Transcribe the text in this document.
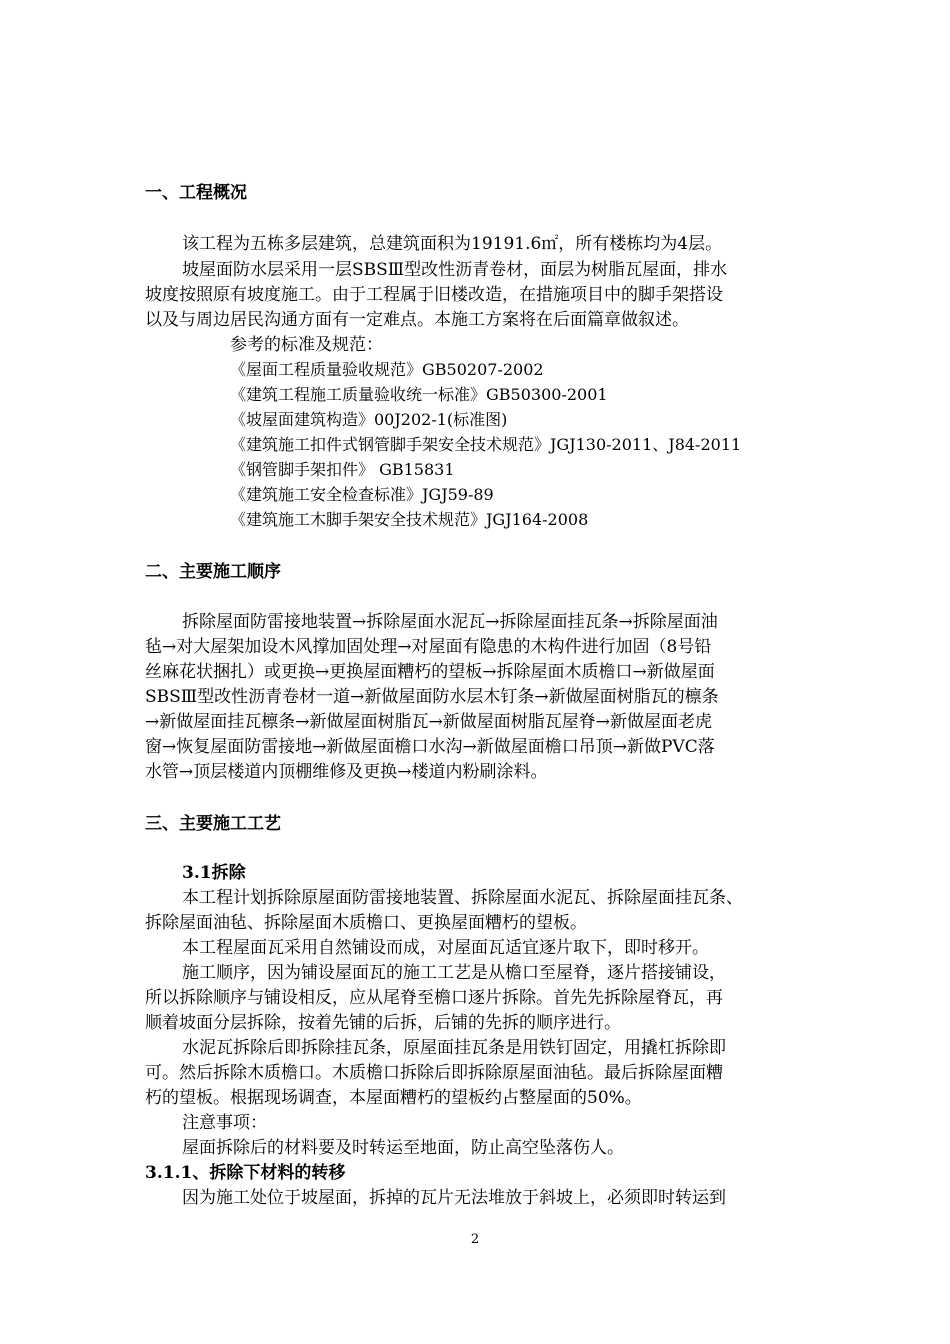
一、工程概况
该工程为五栋多层建筑，总建筑面积为19191.6㎡，所有楼栋均为4层。
坡屋面防水层采用一层SBSⅢ型改性沥青卷材，面层为树脂瓦屋面，排水
坡度按照原有坡度施工。由于工程属于旧楼改造，在措施项目中的脚手架搭设
以及与周边居民沟通方面有一定难点。本施工方案将在后面篇章做叙述。
参考的标准及规范：
《屋面工程质量验收规范》GB50207-2002
《建筑工程施工质量验收统一标准》GB50300-2001
《坡屋面建筑构造》00J202-1(标准图)
《建筑施工扣件式钢管脚手架安全技术规范》JGJ130-2011、J84-2011
《钢管脚手架扣件》 GB15831
《建筑施工安全检查标准》JGJ59-89
《建筑施工木脚手架安全技术规范》JGJ164-2008
二、主要施工顺序
拆除屋面防雷接地装置→拆除屋面水泥瓦→拆除屋面挂瓦条→拆除屋面油
毡→对大屋架加设木风撑加固处理→对屋面有隐患的木构件进行加固（8号铅
丝麻花状捆扎）或更换→更换屋面糟朽的望板→拆除屋面木质檐口→新做屋面
SBSⅢ型改性沥青卷材一道→新做屋面防水层木钉条→新做屋面树脂瓦的檩条
→新做屋面挂瓦檩条→新做屋面树脂瓦→新做屋面树脂瓦屋脊→新做屋面老虎
窗→恢复屋面防雷接地→新做屋面檐口水沟→新做屋面檐口吊顶→新做PVC落
水管→顶层楼道内顶棚维修及更换→楼道内粉刷涂料。
三、主要施工工艺
3.1拆除
本工程计划拆除原屋面防雷接地装置、拆除屋面水泥瓦、拆除屋面挂瓦条、
拆除屋面油毡、拆除屋面木质檐口、更换屋面糟朽的望板。
本工程屋面瓦采用自然铺设而成，对屋面瓦适宜逐片取下，即时移开。
施工顺序，因为铺设屋面瓦的施工工艺是从檐口至屋脊，逐片搭接铺设，
所以拆除顺序与铺设相反，应从尾脊至檐口逐片拆除。首先先拆除屋脊瓦，再
顺着坡面分层拆除，按着先铺的后拆，后铺的先拆的顺序进行。
水泥瓦拆除后即拆除挂瓦条，原屋面挂瓦条是用铁钉固定，用撬杠拆除即
可。然后拆除木质檐口。木质檐口拆除后即拆除原屋面油毡。最后拆除屋面糟
朽的望板。根据现场调查，本屋面糟朽的望板约占整屋面的50%。
注意事项：
屋面拆除后的材料要及时转运至地面，防止高空坠落伤人。
3.1.1、拆除下材料的转移
因为施工处位于坡屋面，拆掉的瓦片无法堆放于斜坡上，必须即时转运到
2
